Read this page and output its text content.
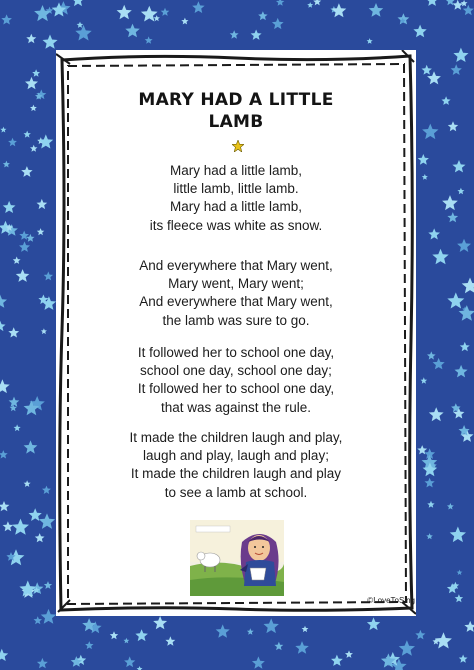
MARY HAD A LITTLE
LAMB
Mary had a little lamb,
little lamb, little lamb.
Mary had a little lamb,
its fleece was white as snow.
And everywhere that Mary went,
Mary went, Mary went;
And everywhere that Mary went,
the lamb was sure to go.
It followed her to school one day,
school one day, school one day;
It followed her to school one day,
that was against the rule.
It made the children laugh and play,
laugh and play, laugh and play;
It made the children laugh and play
to see a lamb at school.
©LoveToSing
